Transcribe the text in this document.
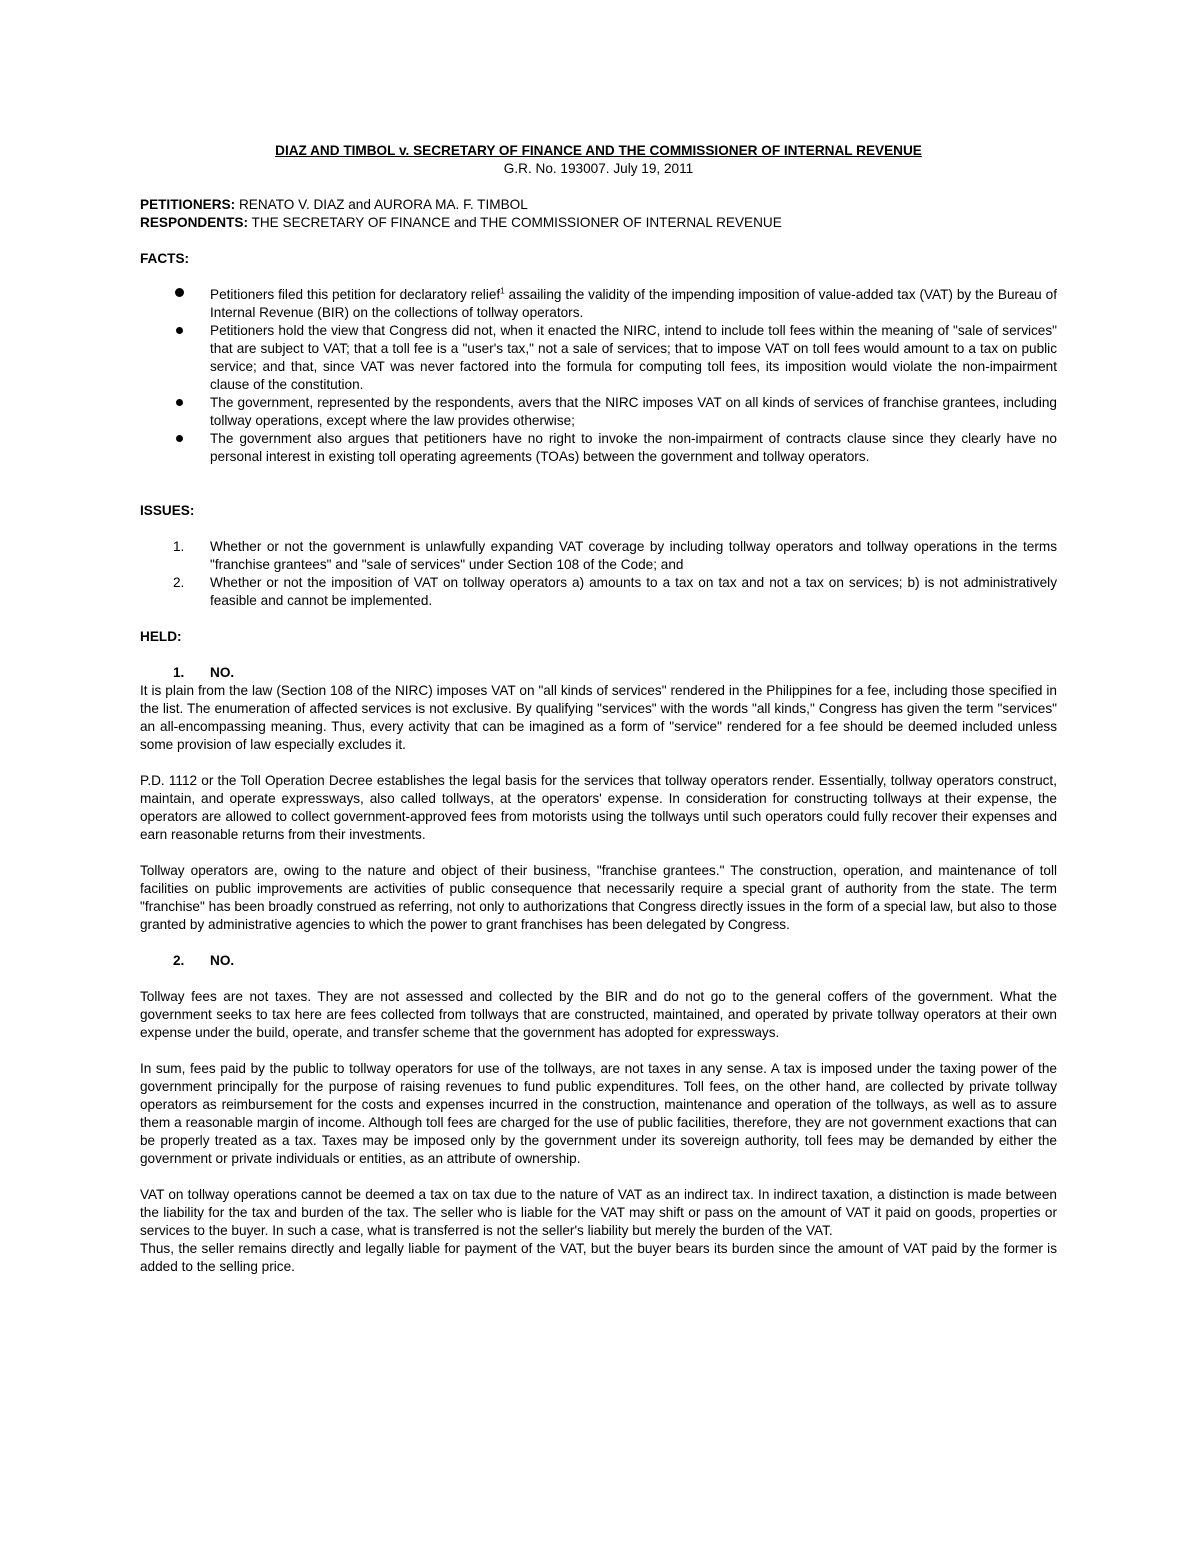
DIAZ AND TIMBOL v. SECRETARY OF FINANCE AND THE COMMISSIONER OF INTERNAL REVENUE

G.R. No. 193007. July 19, 2011

PETITIONERS: RENATO V. DIAZ and AURORA MA. F. TIMBOL

RESPONDENTS: THE SECRETARY OF FINANCE and THE COMMISSIONER OF INTERNAL REVENUE

FACTS:

Petitioners filed this petition for declaratory relief$^1$ assailing the validity of the impending imposition of value-added tax (VAT) by the Bureau of Internal Revenue (BIR) on the collections of tollway operators.
Petitioners hold the view that Congress did not, when it enacted the NIRC, intend to include toll fees within the meaning of "sale of services" that are subject to VAT; that a toll fee is a "user's tax," not a sale of services; that to impose VAT on toll fees would amount to a tax on public service; and that, since VAT was never factored into the formula for computing toll fees, its imposition would violate the non-impairment clause of the constitution.
The government, represented by the respondents, avers that the NIRC imposes VAT on all kinds of services of franchise grantees, including tollway operations, except where the law provides otherwise;
The government also argues that petitioners have no right to invoke the non-impairment of contracts clause since they clearly have no personal interest in existing toll operating agreements (TOAs) between the government and tollway operators.

ISSUES:

1. Whether or not the government is unlawfully expanding VAT coverage by including tollway operators and tollway operations in the terms "franchise grantees" and "sale of services" under Section 108 of the Code; and
2. Whether or not the imposition of VAT on tollway operators a) amounts to a tax on tax and not a tax on services; b) is not administratively feasible and cannot be implemented.

HELD:

1. NO.

It is plain from the law (Section 108 of the NIRC) imposes VAT on "all kinds of services" rendered in the Philippines for a fee, including those specified in the list. The enumeration of affected services is not exclusive. By qualifying "services" with the words "all kinds," Congress has given the term "services" an all-encompassing meaning. Thus, every activity that can be imagined as a form of "service" rendered for a fee should be deemed included unless some provision of law especially excludes it.

P.D. 1112 or the Toll Operation Decree establishes the legal basis for the services that tollway operators render. Essentially, tollway operators construct, maintain, and operate expressways, also called tollways, at the operators' expense. In consideration for constructing tollways at their expense, the operators are allowed to collect government-approved fees from motorists using the tollways until such operators could fully recover their expenses and earn reasonable returns from their investments.

Tollway operators are, owing to the nature and object of their business, "franchise grantees." The construction, operation, and maintenance of toll facilities on public improvements are activities of public consequence that necessarily require a special grant of authority from the state. The term "franchise" has been broadly construed as referring, not only to authorizations that Congress directly issues in the form of a special law, but also to those granted by administrative agencies to which the power to grant franchises has been delegated by Congress.

2. NO.

Tollway fees are not taxes. They are not assessed and collected by the BIR and do not go to the general coffers of the government. What the government seeks to tax here are fees collected from tollways that are constructed, maintained, and operated by private tollway operators at their own expense under the build, operate, and transfer scheme that the government has adopted for expressways.

In sum, fees paid by the public to tollway operators for use of the tollways, are not taxes in any sense. A tax is imposed under the taxing power of the government principally for the purpose of raising revenues to fund public expenditures. Toll fees, on the other hand, are collected by private tollway operators as reimbursement for the costs and expenses incurred in the construction, maintenance and operation of the tollways, as well as to assure them a reasonable margin of income. Although toll fees are charged for the use of public facilities, therefore, they are not government exactions that can be properly treated as a tax. Taxes may be imposed only by the government under its sovereign authority, toll fees may be demanded by either the government or private individuals or entities, as an attribute of ownership.

VAT on tollway operations cannot be deemed a tax on tax due to the nature of VAT as an indirect tax. In indirect taxation, a distinction is made between the liability for the tax and burden of the tax. The seller who is liable for the VAT may shift or pass on the amount of VAT it paid on goods, properties or services to the buyer. In such a case, what is transferred is not the seller's liability but merely the burden of the VAT.

Thus, the seller remains directly and legally liable for payment of the VAT, but the buyer bears its burden since the amount of VAT paid by the former is added to the selling price.
